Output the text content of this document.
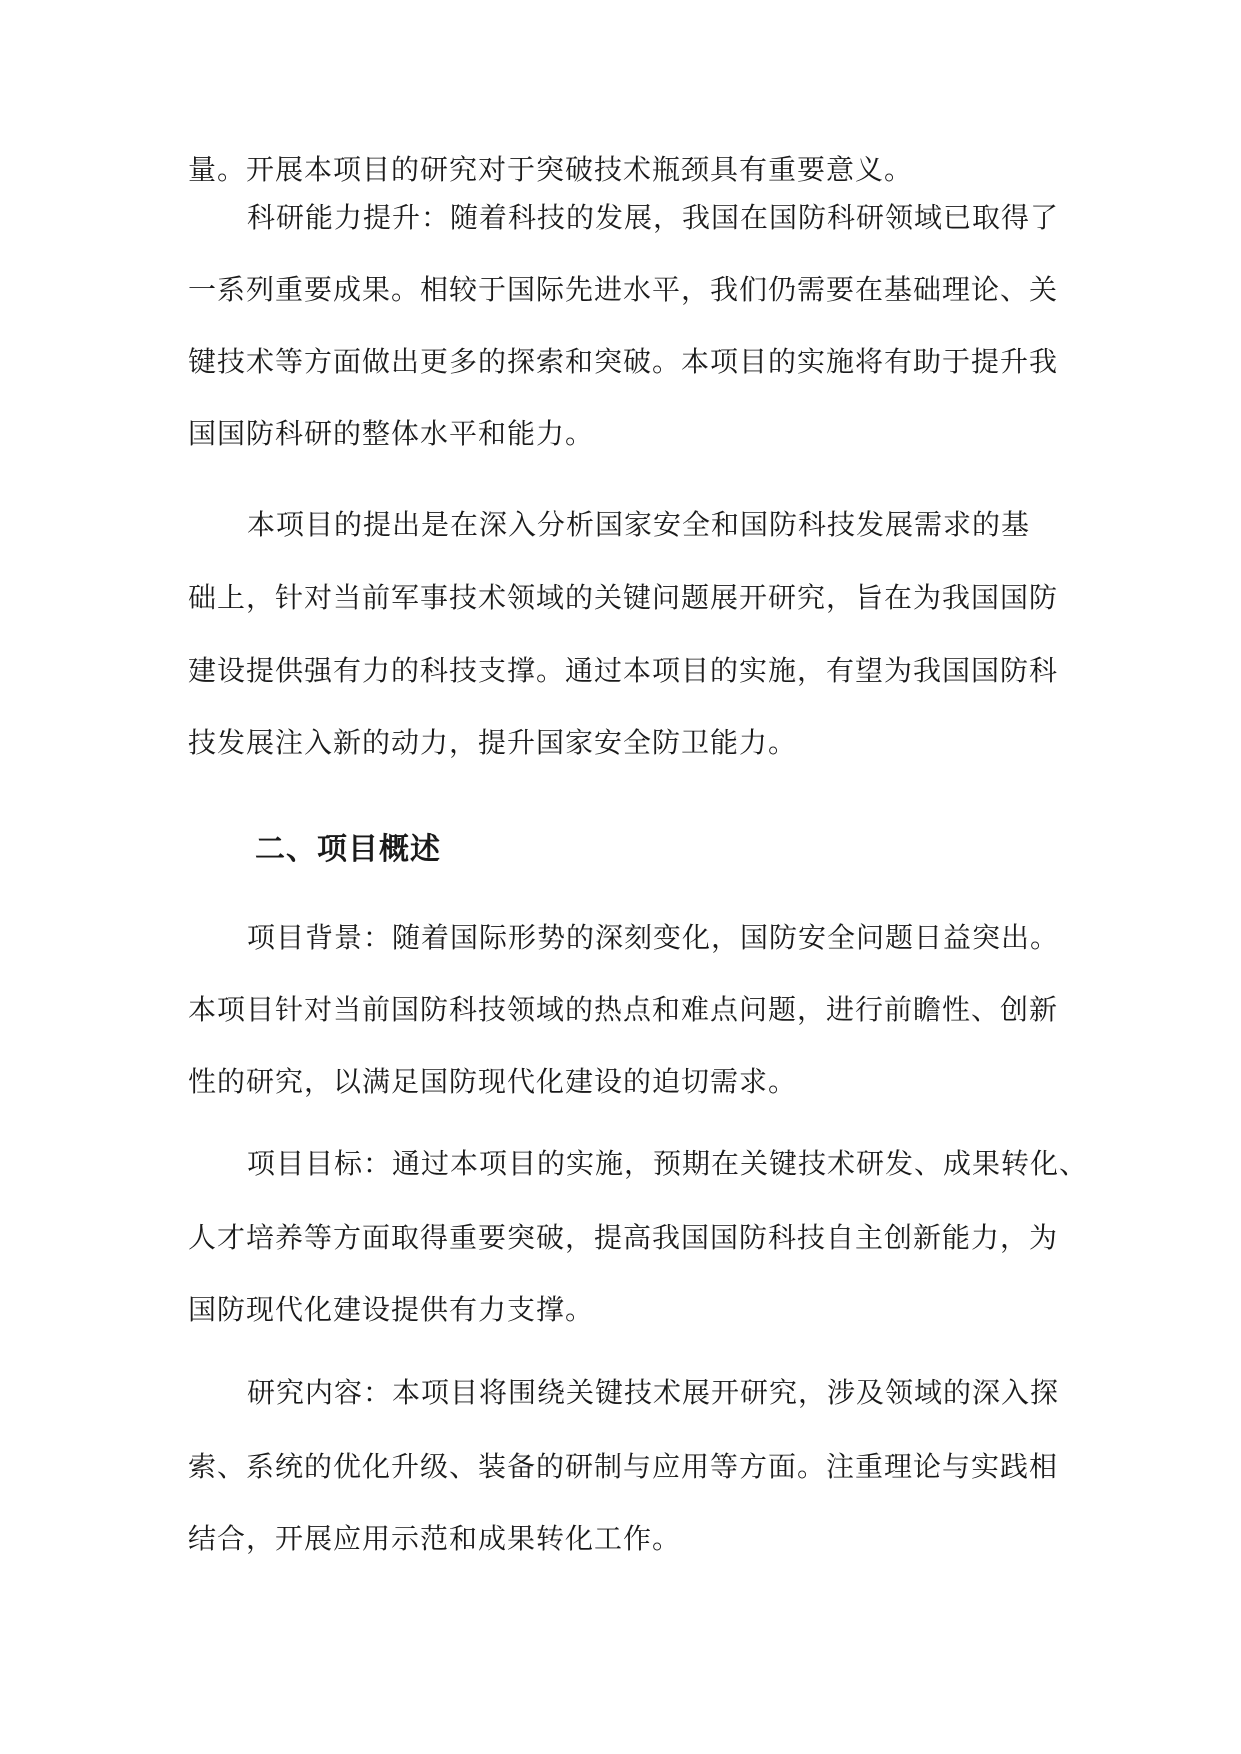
量。开展本项目的研究对于突破技术瓶颈具有重要意义。
科研能力提升：随着科技的发展，我国在国防科研领域已取得了
一系列重要成果。相较于国际先进水平，我们仍需要在基础理论、关
键技术等方面做出更多的探索和突破。本项目的实施将有助于提升我
国国防科研的整体水平和能力。
本项目的提出是在深入分析国家安全和国防科技发展需求的基
础上，针对当前军事技术领域的关键问题展开研究，旨在为我国国防
建设提供强有力的科技支撑。通过本项目的实施，有望为我国国防科
技发展注入新的动力，提升国家安全防卫能力。
二、项目概述
项目背景：随着国际形势的深刻变化，国防安全问题日益突出。
本项目针对当前国防科技领域的热点和难点问题，进行前瞻性、创新
性的研究，以满足国防现代化建设的迫切需求。
项目目标：通过本项目的实施，预期在关键技术研发、成果转化、
人才培养等方面取得重要突破，提高我国国防科技自主创新能力，为
国防现代化建设提供有力支撑。
研究内容：本项目将围绕关键技术展开研究，涉及领域的深入探
索、系统的优化升级、装备的研制与应用等方面。注重理论与实践相
结合，开展应用示范和成果转化工作。
